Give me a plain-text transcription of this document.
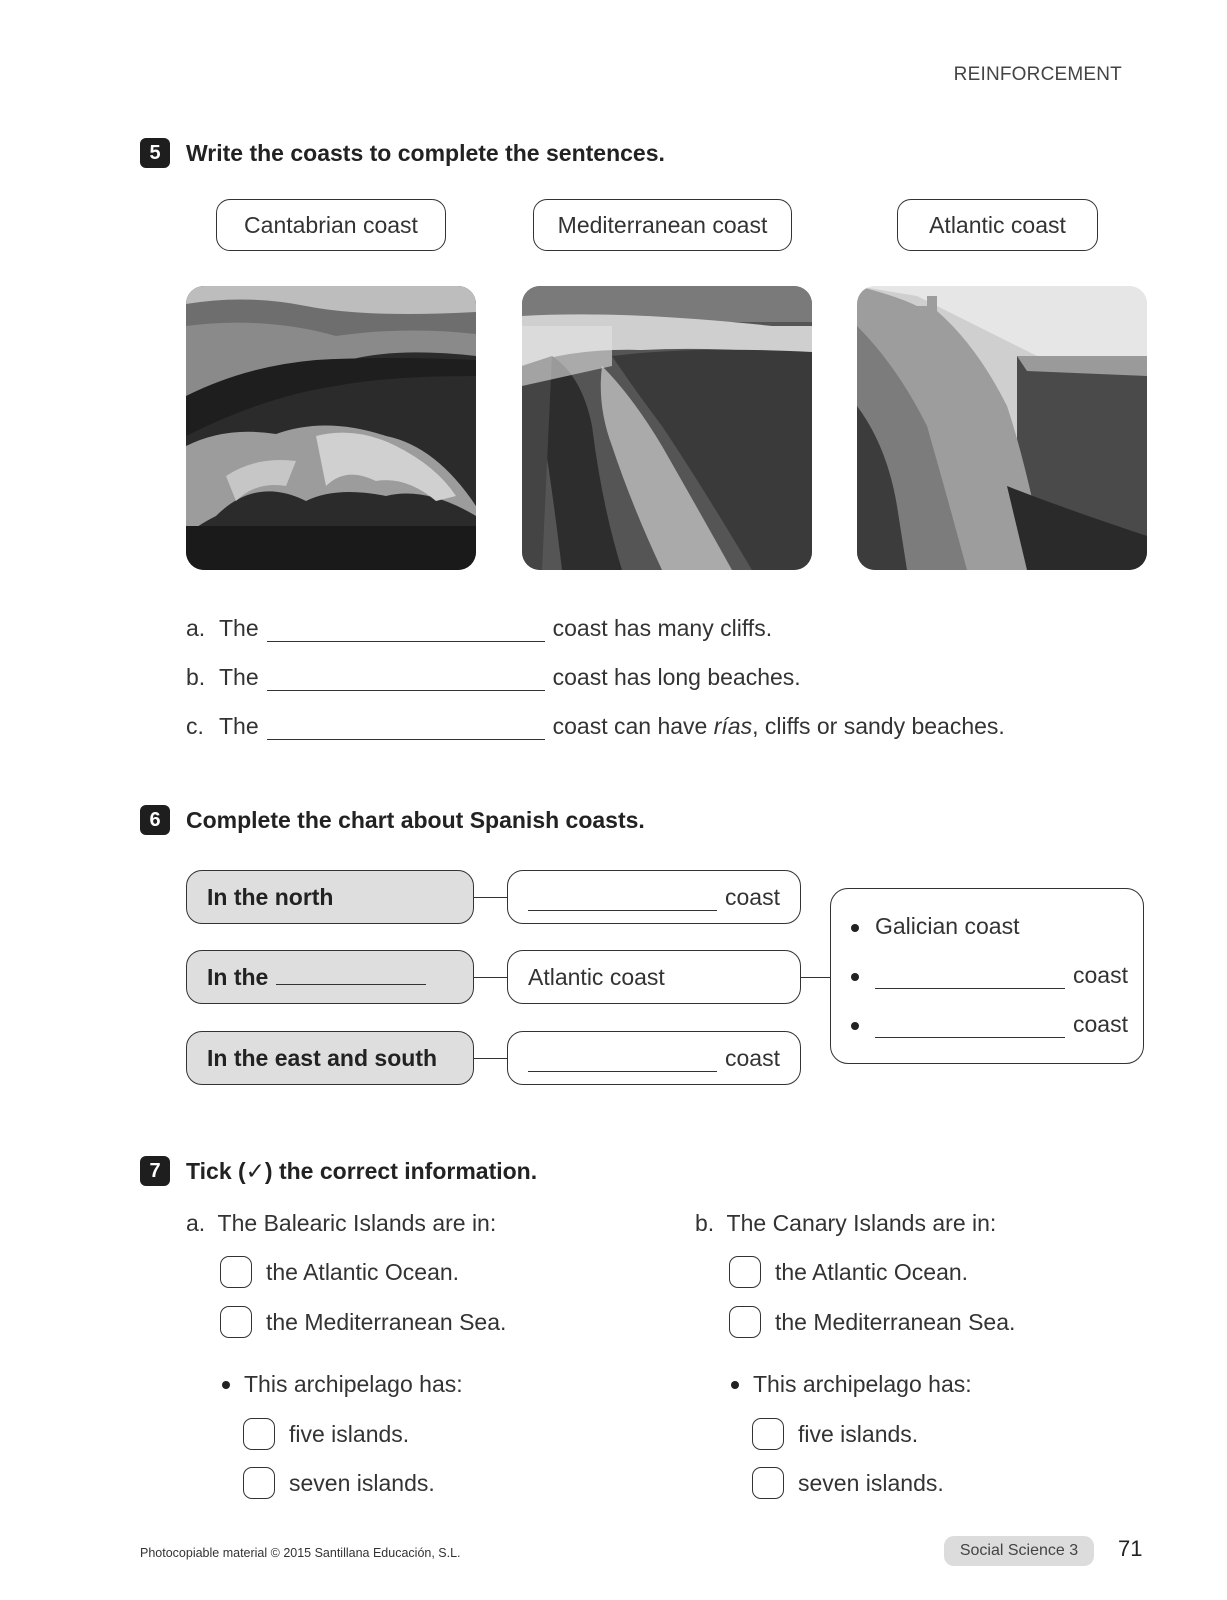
REINFORCEMENT
5	Write the coasts to complete the sentences.
Cantabrian coast	Mediterranean coast	Atlantic coast
a. The	coast has many cliffs.
b. The	coast has long beaches.
c. The	coast can have rías , cliffs or sandy beaches.
6	Complete the chart about Spanish coasts.
In the north	coast
In the	Atlantic coast
In the east and south	coast
Galician coast
coast
coast
7	Tick (✓) the correct information.
a.  The Balearic Islands are in:
the Atlantic Ocean.
the Mediterranean Sea.
This archipelago has:
five islands.
seven islands.
b.  The Canary Islands are in:
the Atlantic Ocean.
the Mediterranean Sea.
This archipelago has:
five islands.
seven islands.
Photocopiable material © 2015 Santillana Educación, S.L.	Social Science 3	71
